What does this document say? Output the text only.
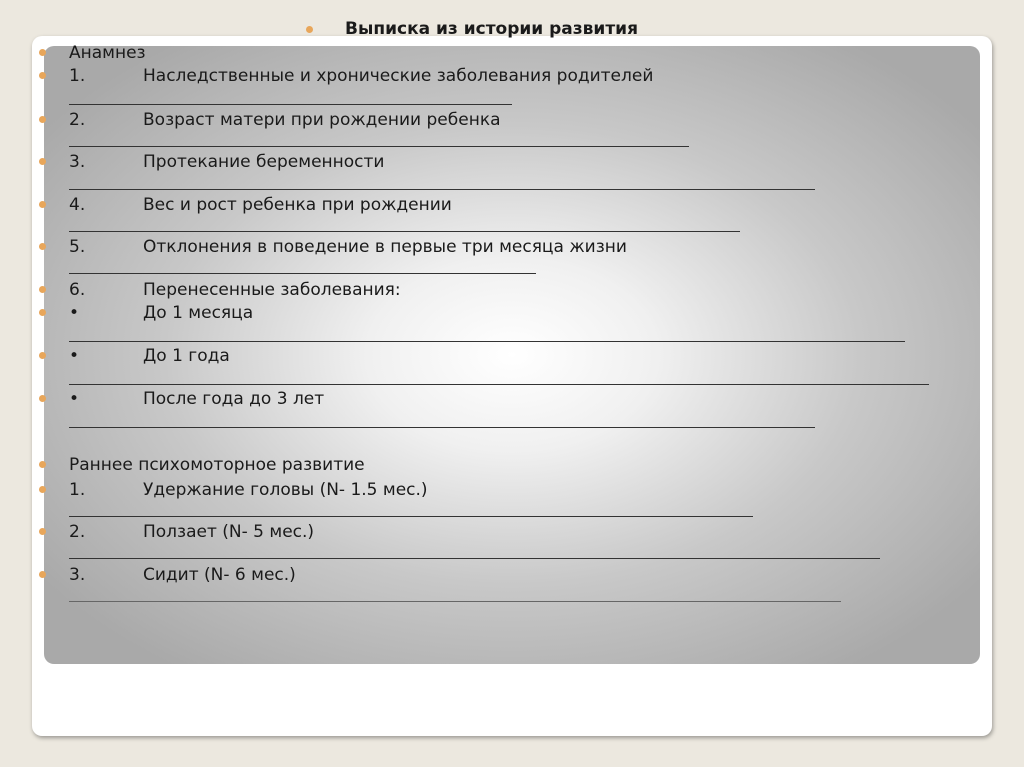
Выписка из истории развития
Анамнез
1.	Наследственные и хронические заболевания родителей
2.	Возраст матери при рождении ребенка
3.	Протекание беременности
4.	Вес и рост ребенка при рождении
5.	Отклонения в поведение в первые три месяца жизни
6.	Перенесенные заболевания:
•	До 1 месяца
•	До 1 года
•	После года до 3 лет
Раннее психомоторное развитие
1.	Удержание головы (N- 1.5 мес.)
2.	Ползает (N- 5 мес.)
3.	Сидит (N- 6 мес.)
